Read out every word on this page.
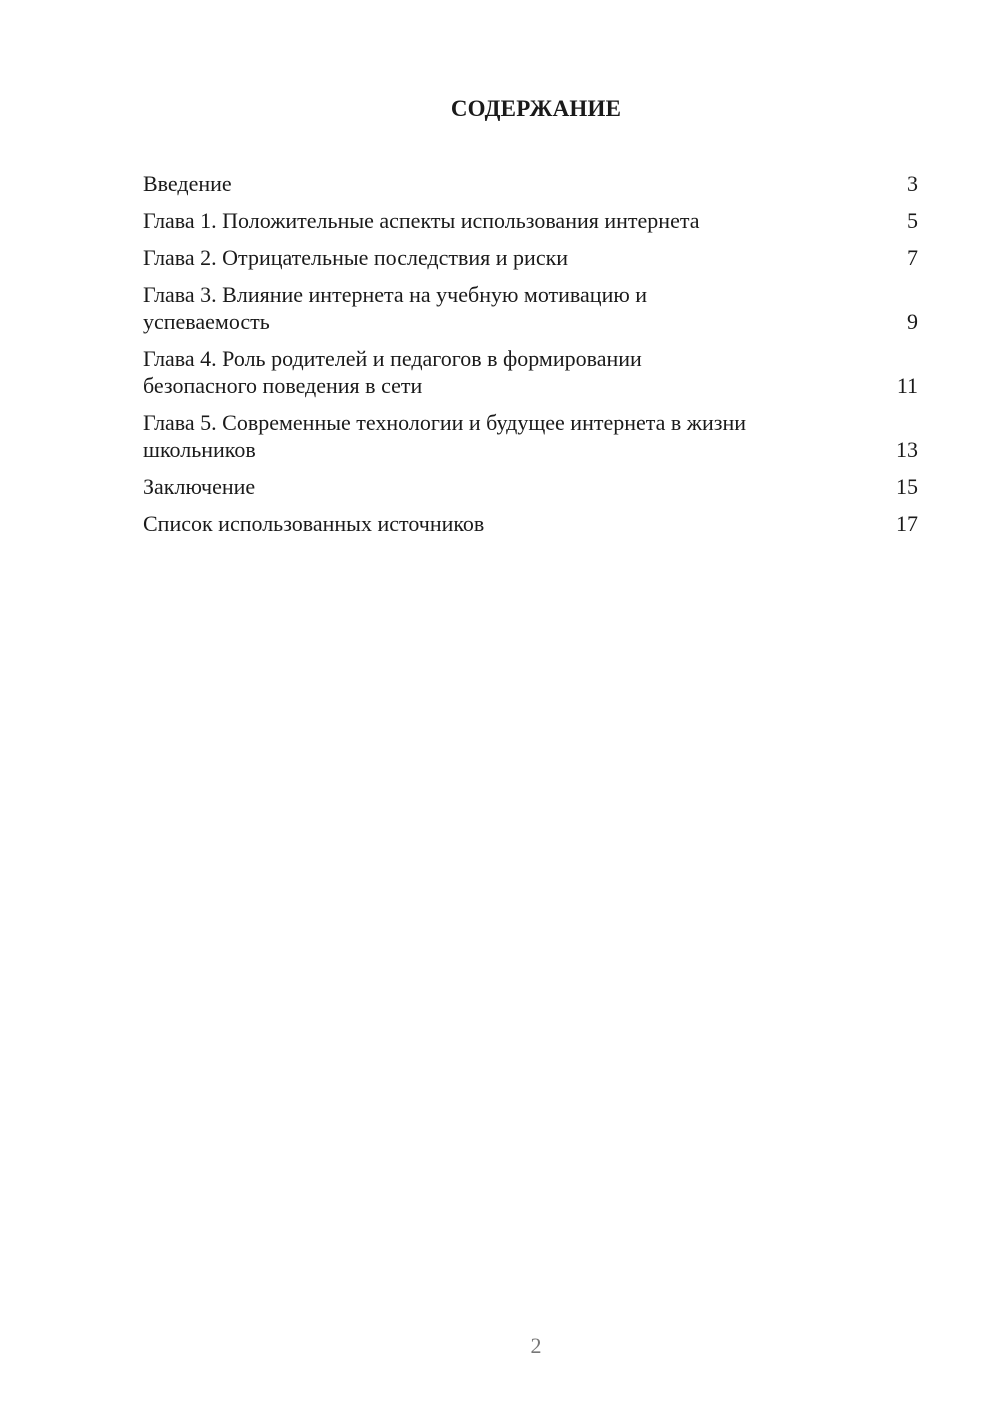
СОДЕРЖАНИЕ
Введение	3
Глава 1. Положительные аспекты использования интернета	5
Глава 2. Отрицательные последствия и риски	7
Глава 3. Влияние интернета на учебную мотивацию и
успеваемость	9
Глава 4. Роль родителей и педагогов в формировании
безопасного поведения в сети	11
Глава 5. Современные технологии и будущее интернета в жизни
школьников	13
Заключение	15
Список использованных источников	17

2
